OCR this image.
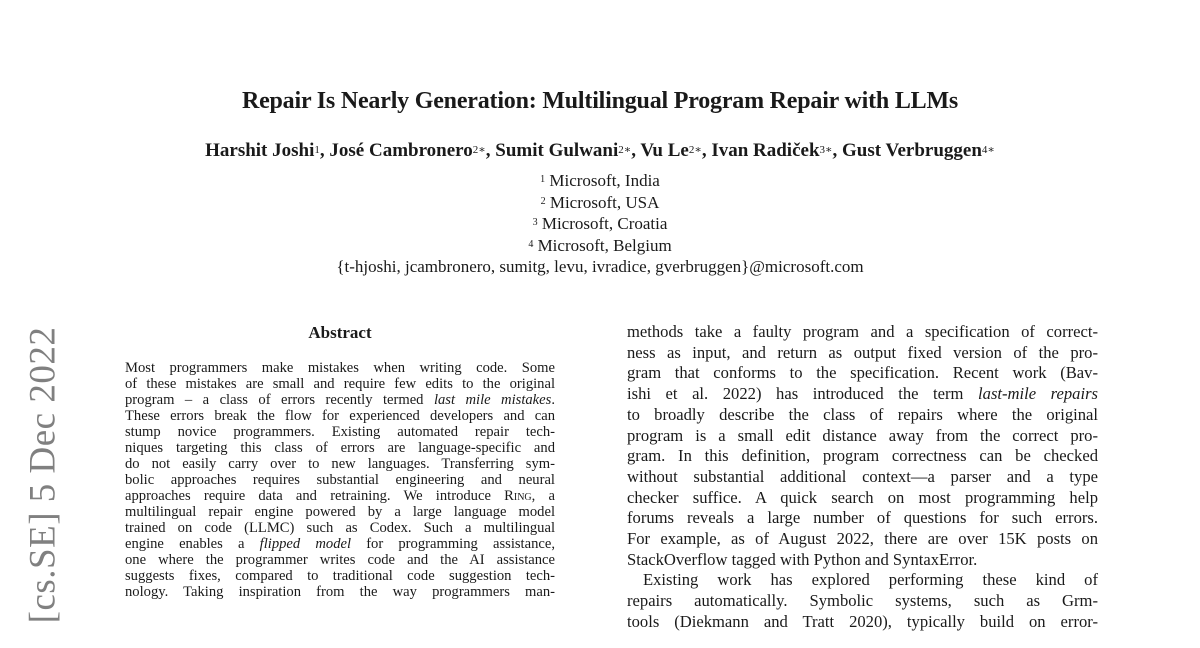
Repair Is Nearly Generation: Multilingual Program Repair with LLMs
Harshit Joshi$^1$, José Cambronero$^{2∗}$, Sumit Gulwani$^{2∗}$, Vu $Le^{2∗}$, Ivan Radiček$^{3∗}$, Gust Verbruggen$^{4∗}$
$^1$ Microsoft, India
$^2$ Microsoft, USA
$^3$ Microsoft, Croatia
$^4$ Microsoft, Belgium
{t-hjoshi, jcambronero, sumitg, levu, ivradice, gverbruggen}@microsoft.com
[cs.SE] 5 Dec 2022	Abstract
Most programmers make mistakes when writing code. Some
of these mistakes are small and require few edits to the original
program – a class of errors recently termed last mile mistakes.
These errors break the flow for experienced developers and can
stump novice programmers. Existing automated repair tech-
niques targeting this class of errors are language-specific and
do not easily carry over to new languages. Transferring sym-
bolic approaches requires substantial engineering and neural
approaches require data and retraining. We introduce Ring, a
multilingual repair engine powered by a large language model
trained on code (LLMC) such as Codex. Such a multilingual
engine enables a flipped model for programming assistance,
one where the programmer writes code and the AI assistance
suggests fixes, compared to traditional code suggestion tech-
nology. Taking inspiration from the way programmers man-
methods take a faulty program and a specification of correct-
ness as input, and return as output fixed version of the pro-
gram that conforms to the specification. Recent work (Bav-
ishi et al. 2022) has introduced the term last-mile repairs
to broadly describe the class of repairs where the original
program is a small edit distance away from the correct pro-
gram. In this definition, program correctness can be checked
without substantial additional context—a parser and a type
checker suffice. A quick search on most programming help
forums reveals a large number of questions for such errors.
For example, as of August 2022, there are over 15K posts on
StackOverflow tagged with Python and SyntaxError.
Existing work has explored performing these kind of
repairs automatically. Symbolic systems, such as Grm-
tools (Diekmann and Tratt 2020), typically build on error-
